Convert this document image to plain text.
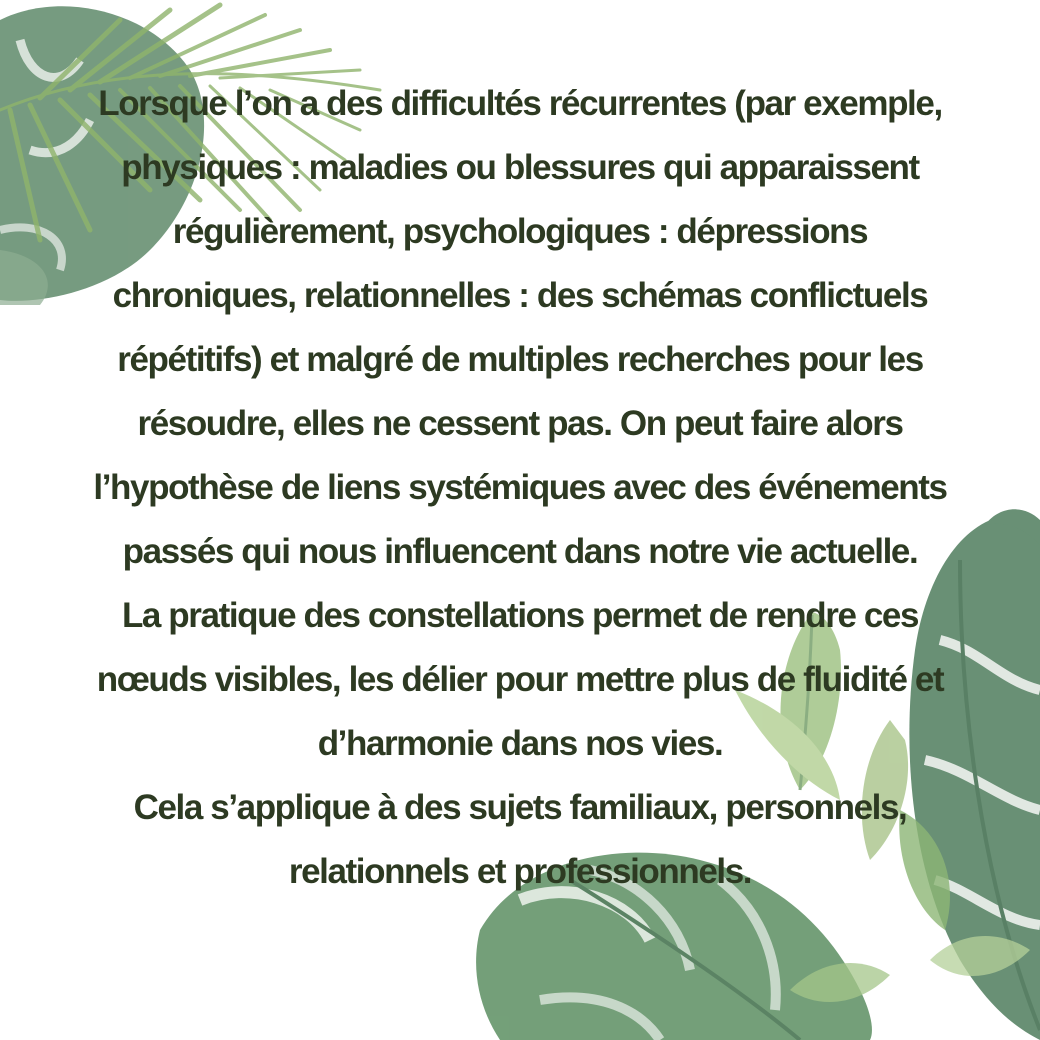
Lorsque l’on a des difficultés récurrentes (par exemple, physiques : maladies ou blessures qui apparaissent régulièrement, psychologiques : dépressions chroniques, relationnelles : des schémas conflictuels répétitifs) et malgré de multiples recherches pour les résoudre, elles ne cessent pas. On peut faire alors l’hypothèse de liens systémiques avec des événements passés qui nous influencent dans notre vie actuelle.

La pratique des constellations permet de rendre ces nœuds visibles, les délier pour mettre plus de fluidité et d’harmonie dans nos vies.

Cela s’applique à des sujets familiaux, personnels, relationnels et professionnels.
